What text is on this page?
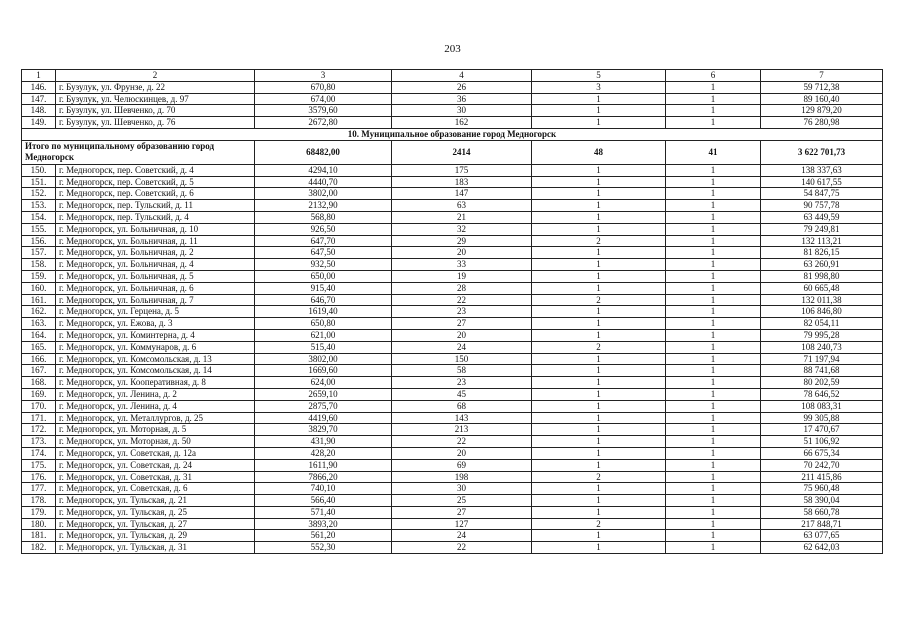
203
1	2	3	4	5	6	7
146.	г. Бузулук, ул. Фрунзе, д. 22	670,80	26	3	1	59 712,38
147.	г. Бузулук, ул. Челюскинцев, д. 97	674,00	36	1	1	89 160,40
148.	г. Бузулук, ул. Шевченко, д. 70	3579,60	30	1	1	129 879,20
149.	г. Бузулук, ул. Шевченко, д. 76	2672,80	162	1	1	76 280,98
10. Муниципальное образование город Медногорск						
Итого по муниципальному образованию город Медногорск		68482,00	2414	48	41	3 622 701,73
150.	г. Медногорск, пер. Советский, д. 4	4294,10	175	1	1	138 337,63
151.	г. Медногорск, пер. Советский, д. 5	4440,70	183	1	1	140 617,55
152.	г. Медногорск, пер. Советский, д. 6	3802,00	147	1	1	54 847,75
153.	г. Медногорск, пер. Тульский, д. 11	2132,90	63	1	1	90 757,78
154.	г. Медногорск, пер. Тульский, д. 4	568,80	21	1	1	63 449,59
155.	г. Медногорск, ул. Больничная, д. 10	926,50	32	1	1	79 249,81
156.	г. Медногорск, ул. Больничная, д. 11	647,70	29	2	1	132 113,21
157.	г. Медногорск, ул. Больничная, д. 2	647,50	20	1	1	81 826,15
158.	г. Медногорск, ул. Больничная, д. 4	932,50	33	1	1	63 260,91
159.	г. Медногорск, ул. Больничная, д. 5	650,00	19	1	1	81 998,80
160.	г. Медногорск, ул. Больничная, д. 6	915,40	28	1	1	60 665,48
161.	г. Медногорск, ул. Больничная, д. 7	646,70	22	2	1	132 011,38
162.	г. Медногорск, ул. Герцена, д. 5	1619,40	23	1	1	106 846,80
163.	г. Медногорск, ул. Ежова, д. 3	650,80	27	1	1	82 054,11
164.	г. Медногорск, ул. Коминтерна, д. 4	621,00	20	1	1	79 995,28
165.	г. Медногорск, ул. Коммунаров, д. 6	515,40	24	2	1	108 240,73
166.	г. Медногорск, ул. Комсомольская, д. 13	3802,00	150	1	1	71 197,94
167.	г. Медногорск, ул. Комсомольская, д. 14	1669,60	58	1	1	88 741,68
168.	г. Медногорск, ул. Кооперативная, д. 8	624,00	23	1	1	80 202,59
169.	г. Медногорск, ул. Ленина, д. 2	2659,10	45	1	1	78 646,52
170.	г. Медногорск, ул. Ленина, д. 4	2875,70	68	1	1	108 083,31
171.	г. Медногорск, ул. Металлургов, д. 25	4419,60	143	1	1	99 305,88
172.	г. Медногорск, ул. Моторная, д. 5	3829,70	213	1	1	17 470,67
173.	г. Медногорск, ул. Моторная, д. 50	431,90	22	1	1	51 106,92
174.	г. Медногорск, ул. Советская, д. 12а	428,20	20	1	1	66 675,34
175.	г. Медногорск, ул. Советская, д. 24	1611,90	69	1	1	70 242,70
176.	г. Медногорск, ул. Советская, д. 31	7866,20	198	2	1	211 415,86
177.	г. Медногорск, ул. Советская, д. 6	740,10	30	1	1	75 960,48
178.	г. Медногорск, ул. Тульская, д. 21	566,40	25	1	1	58 390,04
179.	г. Медногорск, ул. Тульская, д. 25	571,40	27	1	1	58 660,78
180.	г. Медногорск, ул. Тульская, д. 27	3893,20	127	2	1	217 848,71
181.	г. Медногорск, ул. Тульская, д. 29	561,20	24	1	1	63 077,65
182.	г. Медногорск, ул. Тульская, д. 31	552,30	22	1	1	62 642,03
